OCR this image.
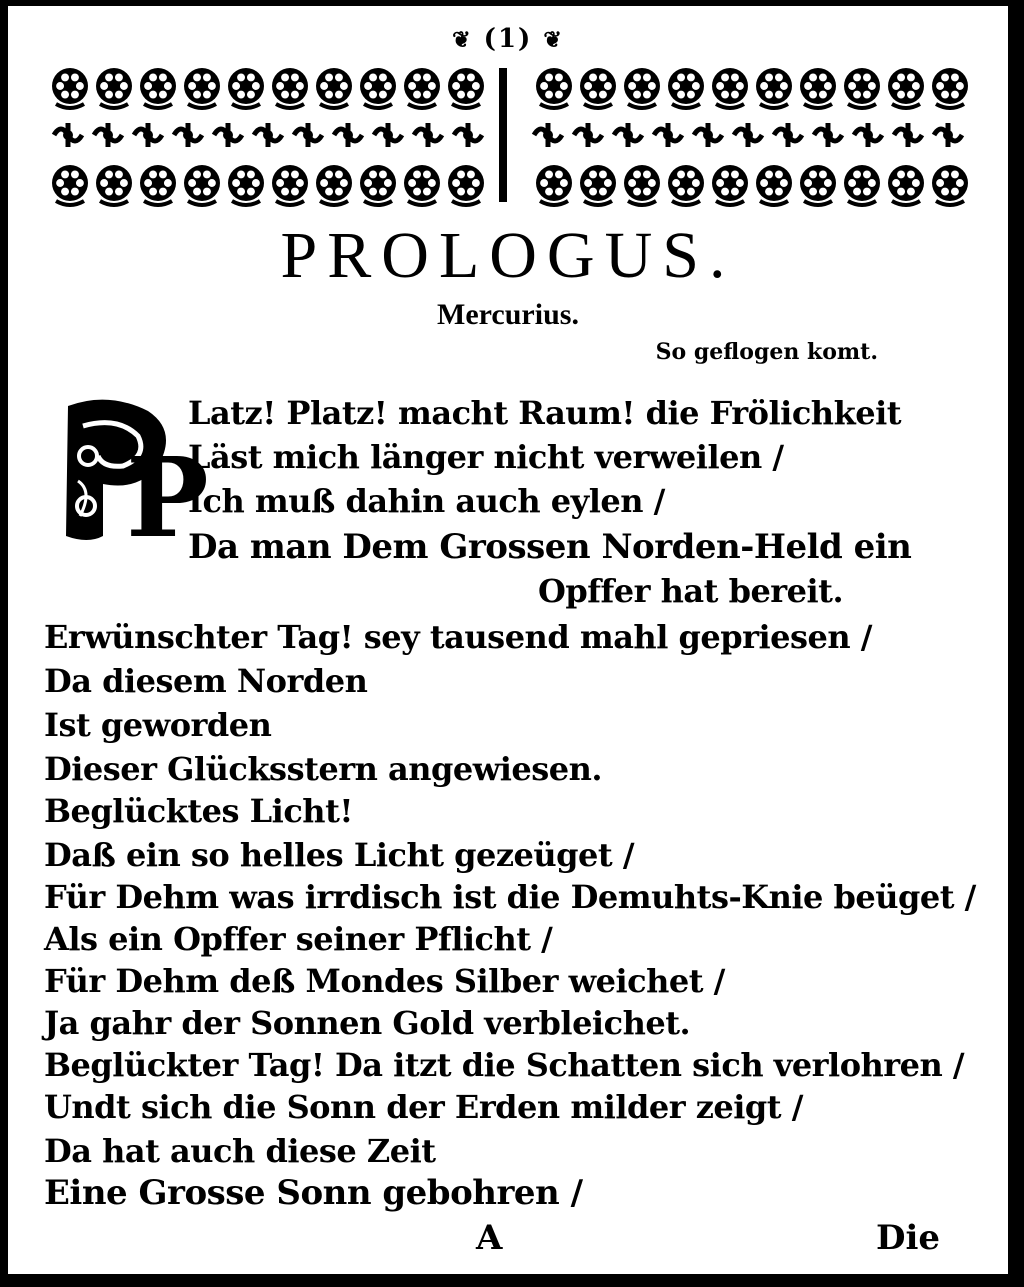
❦ (1) ❦
PROLOGUS.
Mercurius.
So geflogen komt.
P
Latz! Platz! macht Raum! die Frölichkeit
Läst mich länger nicht verweilen /
Ich muß dahin auch eylen /
Da man Dem Grossen Norden-Held ein
Opffer hat bereit.
Erwünschter Tag! sey tausend mahl gepriesen /
Da diesem Norden
Ist geworden
Dieser Glücksstern angewiesen.
Beglücktes Licht!
Daß ein so helles Licht gezeüget /
Für Dehm was irrdisch ist die Demuhts-Knie beüget /
Als ein Opffer seiner Pflicht /
Für Dehm deß Mondes Silber weichet /
Ja gahr der Sonnen Gold verbleichet.
Beglückter Tag! Da itzt die Schatten sich verlohren /
Undt sich die Sonn der Erden milder zeigt /
Da hat auch diese Zeit
Eine Grosse Sonn gebohren /
A	Die
